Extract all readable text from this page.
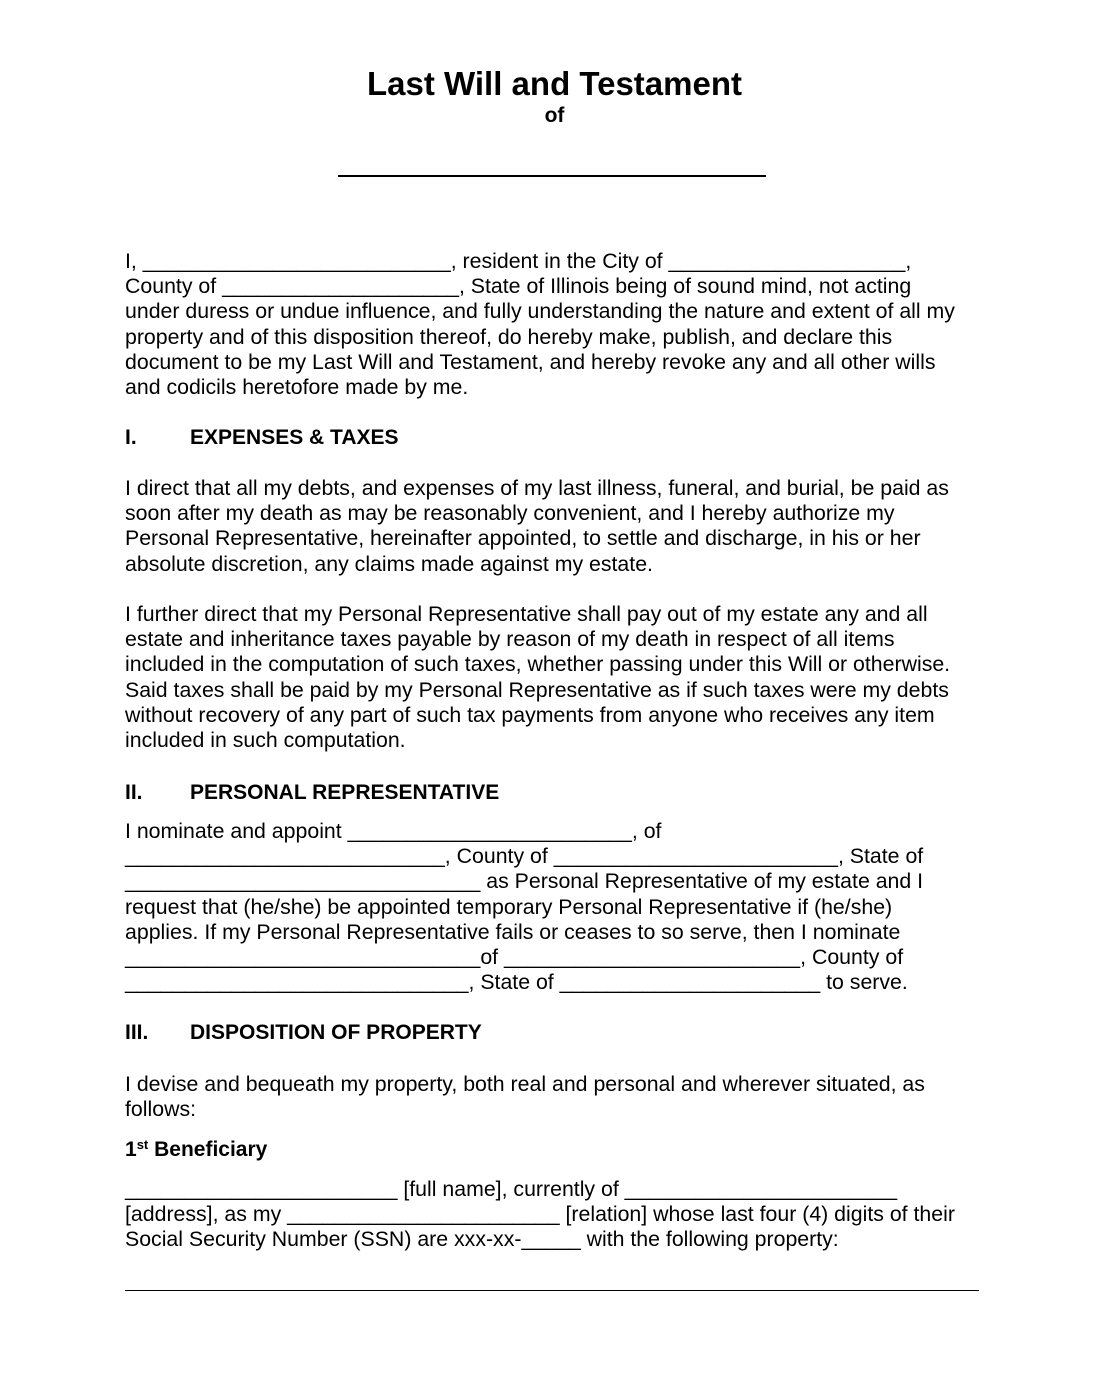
Last Will and Testament
of
I, __________________________, resident in the City of ____________________,
County of ____________________, State of Illinois being of sound mind, not acting
under duress or undue influence, and fully understanding the nature and extent of all my
property and of this disposition thereof, do hereby make, publish, and declare this
document to be my Last Will and Testament, and hereby revoke any and all other wills
and codicils heretofore made by me.
I.	EXPENSES & TAXES
I direct that all my debts, and expenses of my last illness, funeral, and burial, be paid as
soon after my death as may be reasonably convenient, and I hereby authorize my
Personal Representative, hereinafter appointed, to settle and discharge, in his or her
absolute discretion, any claims made against my estate.
I further direct that my Personal Representative shall pay out of my estate any and all
estate and inheritance taxes payable by reason of my death in respect of all items
included in the computation of such taxes, whether passing under this Will or otherwise.
Said taxes shall be paid by my Personal Representative as if such taxes were my debts
without recovery of any part of such tax payments from anyone who receives any item
included in such computation.
II. PERSONAL REPRESENTATIVE
I nominate and appoint ________________________, of
___________________________, County of ________________________, State of
______________________________ as Personal Representative of my estate and I
request that (he/she) be appointed temporary Personal Representative if (he/she)
applies. If my Personal Representative fails or ceases to so serve, then I nominate
______________________________of _________________________, County of
_____________________________, State of ______________________ to serve.
III. DISPOSITION OF PROPERTY
I devise and bequeath my property, both real and personal and wherever situated, as
follows:
1st Beneficiary
_______________________ [full name], currently of _______________________
[address], as my _______________________ [relation] whose last four (4) digits of their
Social Security Number (SSN) are xxx-xx-_____ with the following property:
